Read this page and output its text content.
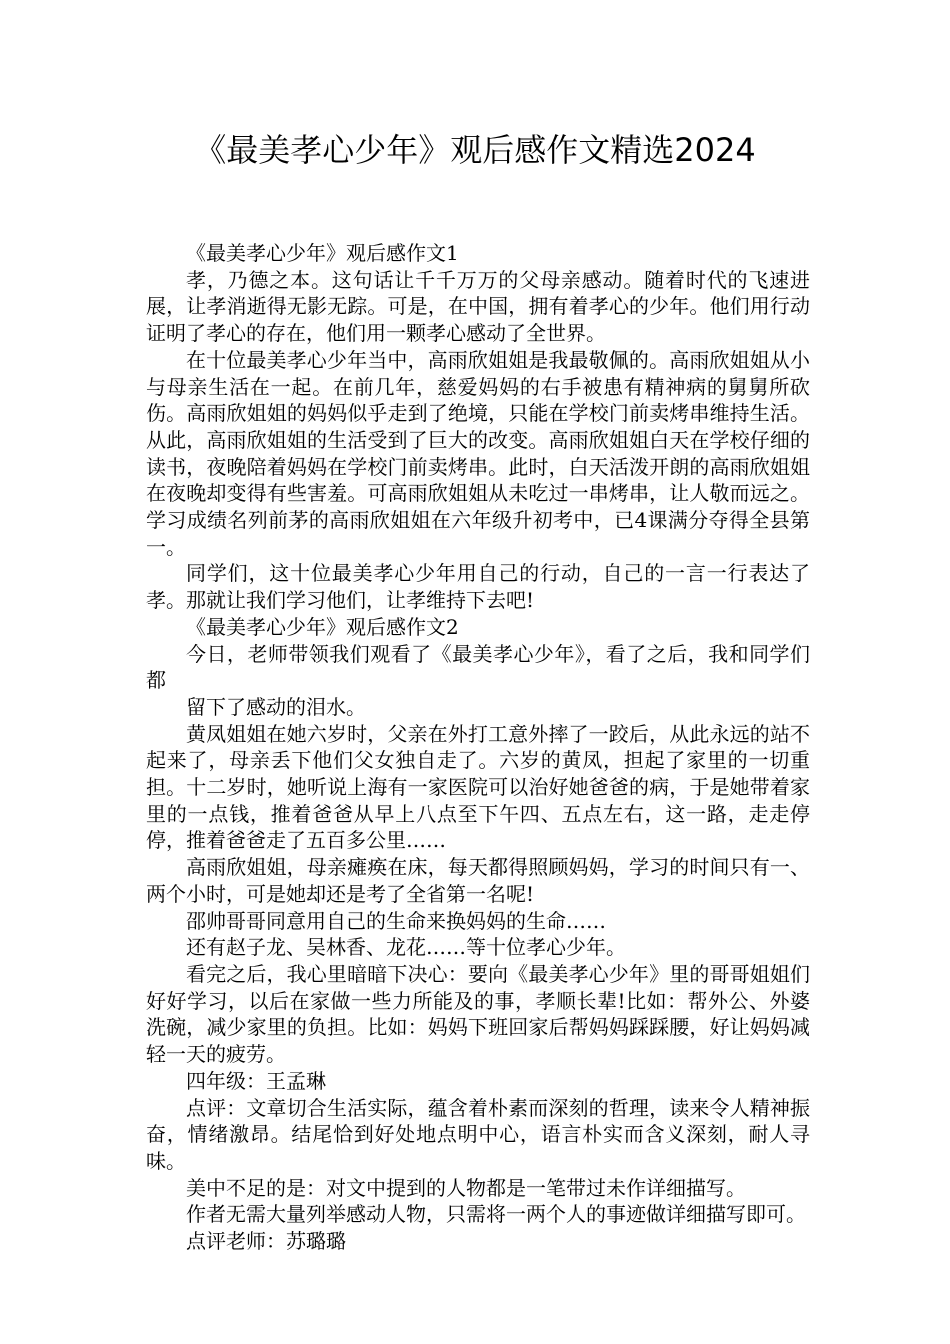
《最美孝心少年》观后感作文精选2024

《最美孝心少年》观后感作文1

孝，乃德之本。这句话让千千万万的父母亲感动。随着时代的飞速进展，让孝消逝得无影无踪。可是，在中国，拥有着孝心的少年。他们用行动证明了孝心的存在，他们用一颗孝心感动了全世界。

在十位最美孝心少年当中，高雨欣姐姐是我最敬佩的。高雨欣姐姐从小与母亲生活在一起。在前几年，慈爱妈妈的右手被患有精神病的舅舅所砍伤。高雨欣姐姐的妈妈似乎走到了绝境，只能在学校门前卖烤串维持生活。从此，高雨欣姐姐的生活受到了巨大的改变。高雨欣姐姐白天在学校仔细的读书，夜晚陪着妈妈在学校门前卖烤串。此时，白天活泼开朗的高雨欣姐姐在夜晚却变得有些害羞。可高雨欣姐姐从未吃过一串烤串，让人敬而远之。学习成绩名列前茅的高雨欣姐姐在六年级升初考中，已4课满分夺得全县第一。

同学们，这十位最美孝心少年用自己的行动，自己的一言一行表达了孝。那就让我们学习他们，让孝维持下去吧!

《最美孝心少年》观后感作文2

今日，老师带领我们观看了《最美孝心少年》，看了之后，我和同学们都

留下了感动的泪水。

黄凤姐姐在她六岁时，父亲在外打工意外摔了一跤后，从此永远的站不起来了，母亲丢下他们父女独自走了。六岁的黄凤，担起了家里的一切重担。十二岁时，她听说上海有一家医院可以治好她爸爸的病，于是她带着家里的一点钱，推着爸爸从早上八点至下午四、五点左右，这一路，走走停停，推着爸爸走了五百多公里……

高雨欣姐姐，母亲瘫痪在床，每天都得照顾妈妈，学习的时间只有一、两个小时，可是她却还是考了全省第一名呢!

邵帅哥哥同意用自己的生命来换妈妈的生命……

还有赵子龙、吴林香、龙花……等十位孝心少年。

看完之后，我心里暗暗下决心：要向《最美孝心少年》里的哥哥姐姐们好好学习，以后在家做一些力所能及的事，孝顺长辈!比如：帮外公、外婆洗碗，减少家里的负担。比如：妈妈下班回家后帮妈妈踩踩腰，好让妈妈减轻一天的疲劳。

四年级：王孟琳

点评：文章切合生活实际，蕴含着朴素而深刻的哲理，读来令人精神振奋，情绪激昂。结尾恰到好处地点明中心，语言朴实而含义深刻，耐人寻味。

美中不足的是：对文中提到的人物都是一笔带过未作详细描写。

作者无需大量列举感动人物，只需将一两个人的事迹做详细描写即可。

点评老师：苏璐璐
